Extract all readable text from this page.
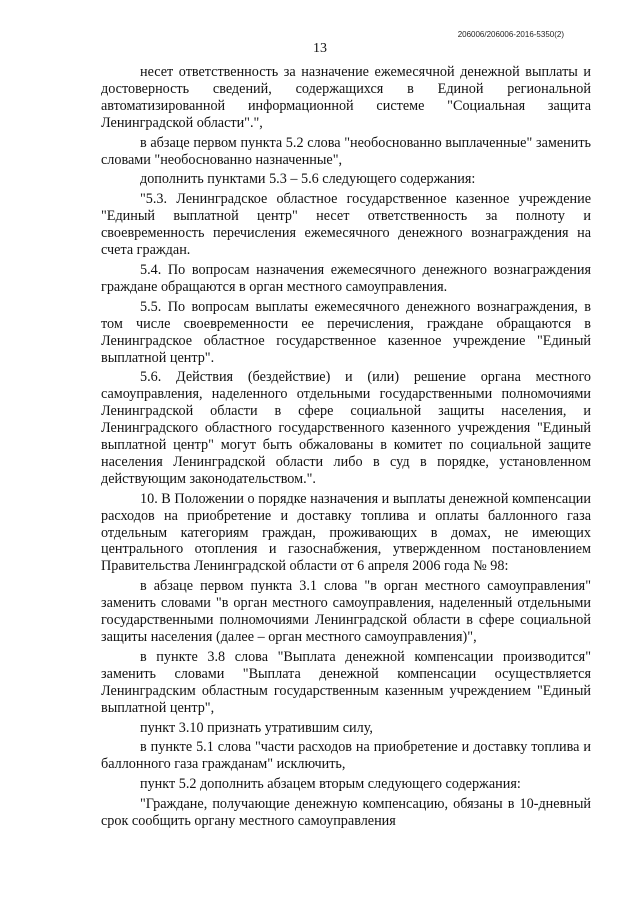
206006/206006-2016-5350(2)
13

несет ответственность за назначение ежемесячной денежной выплаты и достоверность сведений, содержащихся в Единой региональной автоматизированной информационной системе "Социальная защита Ленинградской области".",

в абзаце первом пункта 5.2 слова "необоснованно выплаченные" заменить словами "необоснованно назначенные",

дополнить пунктами 5.3 – 5.6 следующего содержания:

"5.3. Ленинградское областное государственное казенное учреждение "Единый выплатной центр" несет ответственность за полноту и своевременность перечисления ежемесячного денежного вознаграждения на счета граждан.

5.4. По вопросам назначения ежемесячного денежного вознаграждения граждане обращаются в орган местного самоуправления.

5.5. По вопросам выплаты ежемесячного денежного вознаграждения, в том числе своевременности ее перечисления, граждане обращаются в Ленинградское областное государственное казенное учреждение "Единый выплатной центр".

5.6. Действия (бездействие) и (или) решение органа местного самоуправления, наделенного отдельными государственными полномочиями Ленинградской области в сфере социальной защиты населения, и Ленинградского областного государственного казенного учреждения "Единый выплатной центр" могут быть обжалованы в комитет по социальной защите населения Ленинградской области либо в суд в порядке, установленном действующим законодательством.".

10. В Положении о порядке назначения и выплаты денежной компенсации расходов на приобретение и доставку топлива и оплаты баллонного газа отдельным категориям граждан, проживающих в домах, не имеющих центрального отопления и газоснабжения, утвержденном постановлением Правительства Ленинградской области от 6 апреля 2006 года № 98:

в абзаце первом пункта 3.1 слова "в орган местного самоуправления" заменить словами "в орган местного самоуправления, наделенный отдельными государственными полномочиями Ленинградской области в сфере социальной защиты населения (далее – орган местного самоуправления)",

в пункте 3.8 слова "Выплата денежной компенсации производится" заменить словами "Выплата денежной компенсации осуществляется Ленинградским областным государственным казенным учреждением "Единый выплатной центр",

пункт 3.10 признать утратившим силу,

в пункте 5.1 слова "части расходов на приобретение и доставку топлива и баллонного газа гражданам" исключить,

пункт 5.2 дополнить абзацем вторым следующего содержания:

"Граждане, получающие денежную компенсацию, обязаны в 10-дневный срок сообщить органу местного самоуправления
